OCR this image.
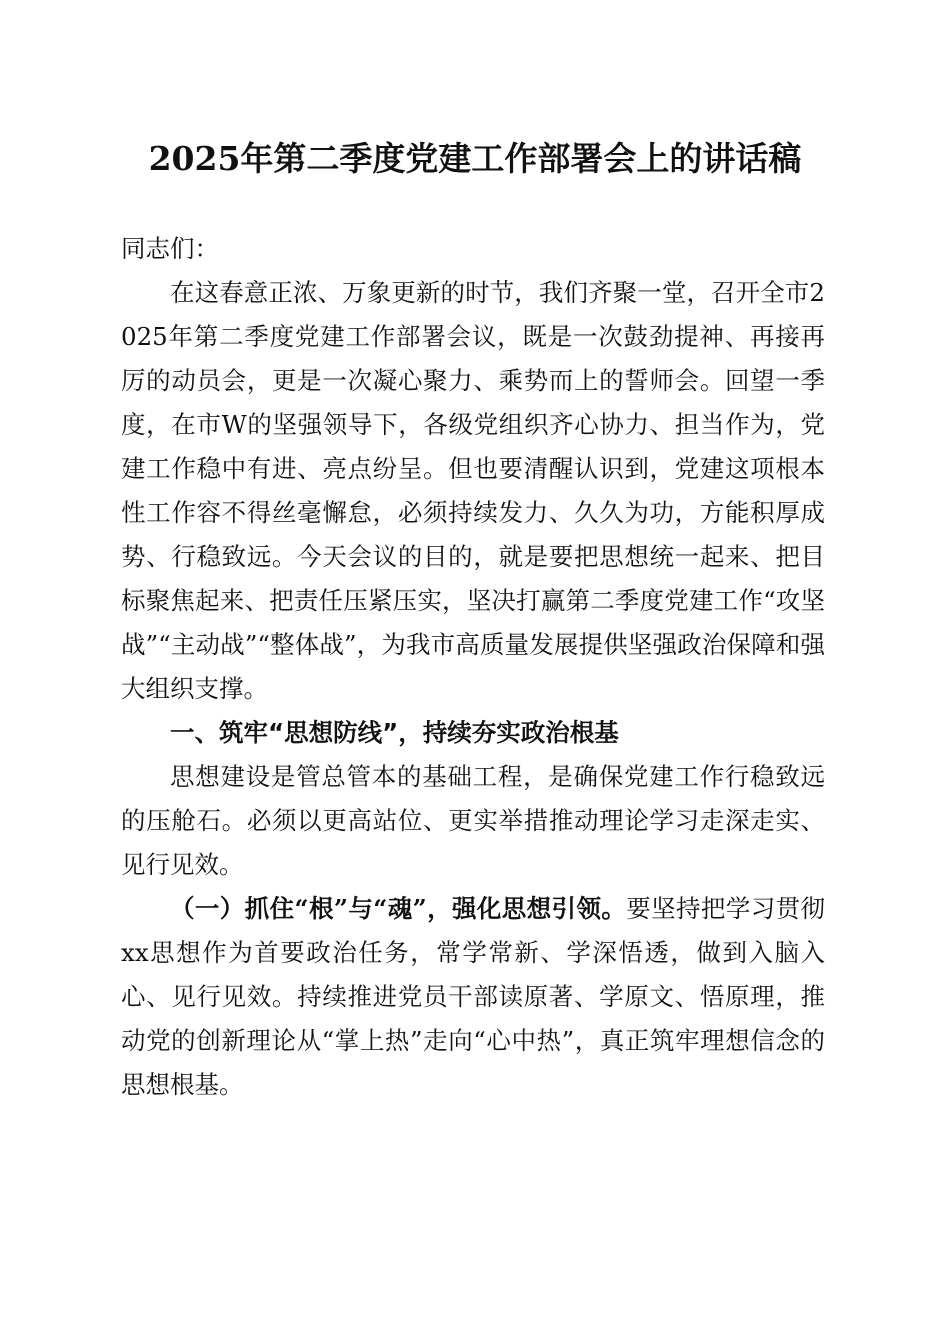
2025年第二季度党建工作部署会上的讲话稿

同志们：

在这春意正浓、万象更新的时节，我们齐聚一堂，召开全市2025年第二季度党建工作部署会议，既是一次鼓劲提神、再接再厉的动员会，更是一次凝心聚力、乘势而上的誓师会。回望一季度，在市W的坚强领导下，各级党组织齐心协力、担当作为，党建工作稳中有进、亮点纷呈。但也要清醒认识到，党建这项根本性工作容不得丝毫懈怠，必须持续发力、久久为功，方能积厚成势、行稳致远。今天会议的目的，就是要把思想统一起来、把目标聚焦起来、把责任压紧压实，坚决打赢第二季度党建工作“攻坚战”“主动战”“整体战”，为我市高质量发展提供坚强政治保障和强大组织支撑。

一、筑牢“思想防线”，持续夯实政治根基

思想建设是管总管本的基础工程，是确保党建工作行稳致远的压舱石。必须以更高站位、更实举措推动理论学习走深走实、见行见效。

（一）抓住“根”与“魂”，强化思想引领。要坚持把学习贯彻xx思想作为首要政治任务，常学常新、学深悟透，做到入脑入心、见行见效。持续推进党员干部读原著、学原文、悟原理，推动党的创新理论从“掌上热”走向“心中热”，真正筑牢理想信念的思想根基。
